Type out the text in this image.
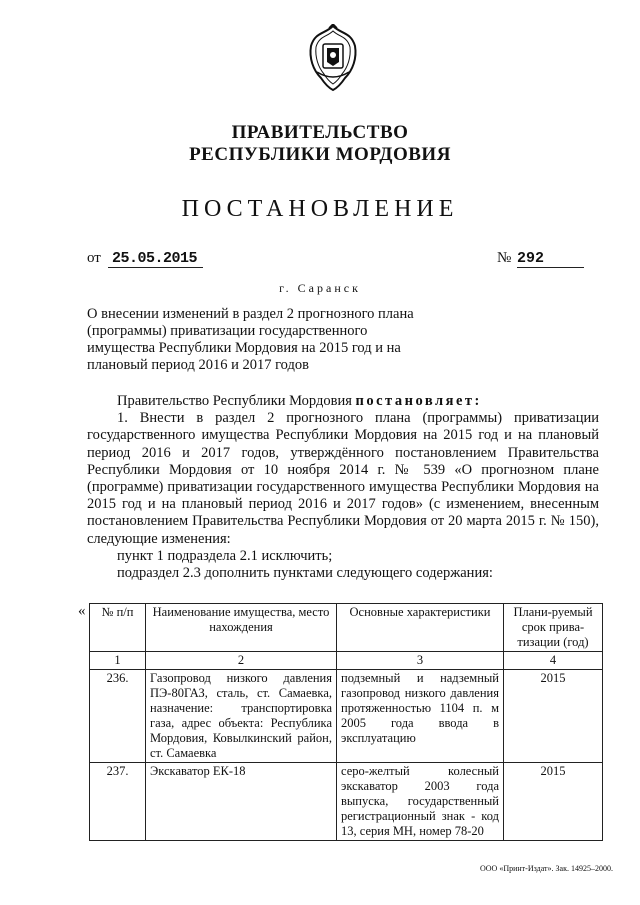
ПРАВИТЕЛЬСТВО
РЕСПУБЛИКИ МОРДОВИЯ
ПОСТАНОВЛЕНИЕ
от 25.05.2015	№ 292
г. Саранск
О внесении изменений в раздел 2 прогнозного плана (программы) приватизации государственного имущества Республики Мордовия на 2015 год и на плановый период 2016 и 2017 годов

Правительство Республики Мордовия постановляет:

1. Внести в раздел 2 прогнозного плана (программы) приватизации государственного имущества Республики Мордовия на 2015 год и на плановый период 2016 и 2017 годов, утверждённого постановлением Правительства Республики Мордовия от 10 ноября 2014 г. № 539 «О прогнозном плане (программе) приватизации государственного имущества Республики Мордовия на 2015 год и на плановый период 2016 и 2017 годов» (с изменением, внесенным постановлением Правительства Республики Мордовия от 20 марта 2015 г. № 150), следующие изменения:

пункт 1 подраздела 2.1 исключить;

подраздел 2.3 дополнить пунктами следующего содержания:

« № п/п	Наименование имущества, место нахождения	Основные характеристики	Плани-руемый срок прива-тизации (год)
1	2	3	4
236.	Газопровод низкого давления ПЭ-80ГАЗ, сталь, ст. Самаевка, назначение: транспортировка газа, адрес объекта: Республика Мордовия, Ковылкинский район, ст. Самаевка	подземный и надземный газопровод низкого давления протяженностью 1104 п. м 2005 года ввода в эксплуатацию	2015
237.	Экскаватор ЕК-18	серо-желтый колесный экскаватор 2003 года выпуска, государственный регистрационный знак - код 13, серия МН, номер 78-20	2015
ООО «Принт-Издат». Зак. 14925–2000.
